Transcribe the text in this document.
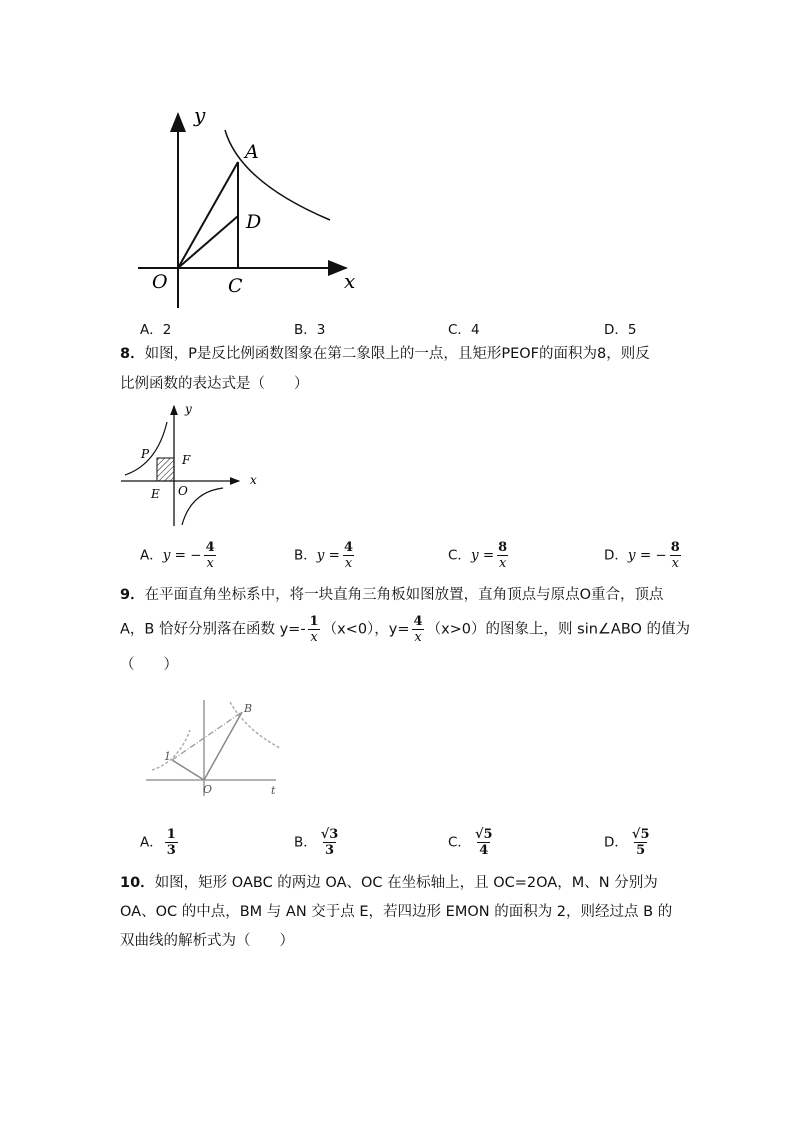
y
A
D
O	C	x
A．2	B．3	C．4	D．5
8．如图，P是反比例函数图象在第二象限上的一点，且矩形PEOF的面积为8，则反
比例函数的表达式是（　　）
y
P	F
x
E O
A．y = − $\frac{4}{x}$	B．$y = \frac{4}{x}$	C．$y = \frac{8}{x}$	D．y = − $\frac{8}{x}$
9．在平面直角坐标系中，将一块直角三角板如图放置，直角顶点与原点O重合，顶点
A，B 恰好分别落在函数 $y=- \frac{1}{x} (x<0)$，$y= \frac{4}{x} (x>0)$的图象上，则 sin∠ABO 的值为
（　　）
B
1
O	t
A． $\frac{1}{3}$	B． $\frac{√3}{3}$	C． $\frac{√5}{4}$	D． $\frac{√5}{5}$
10．如图，矩形 OABC 的两边 OA、OC 在坐标轴上，且 OC=2OA，M、N 分别为
OA、OC 的中点，BM 与 AN 交于点 E，若四边形 EMON 的面积为 2，则经过点 B 的
双曲线的解析式为（　　）
